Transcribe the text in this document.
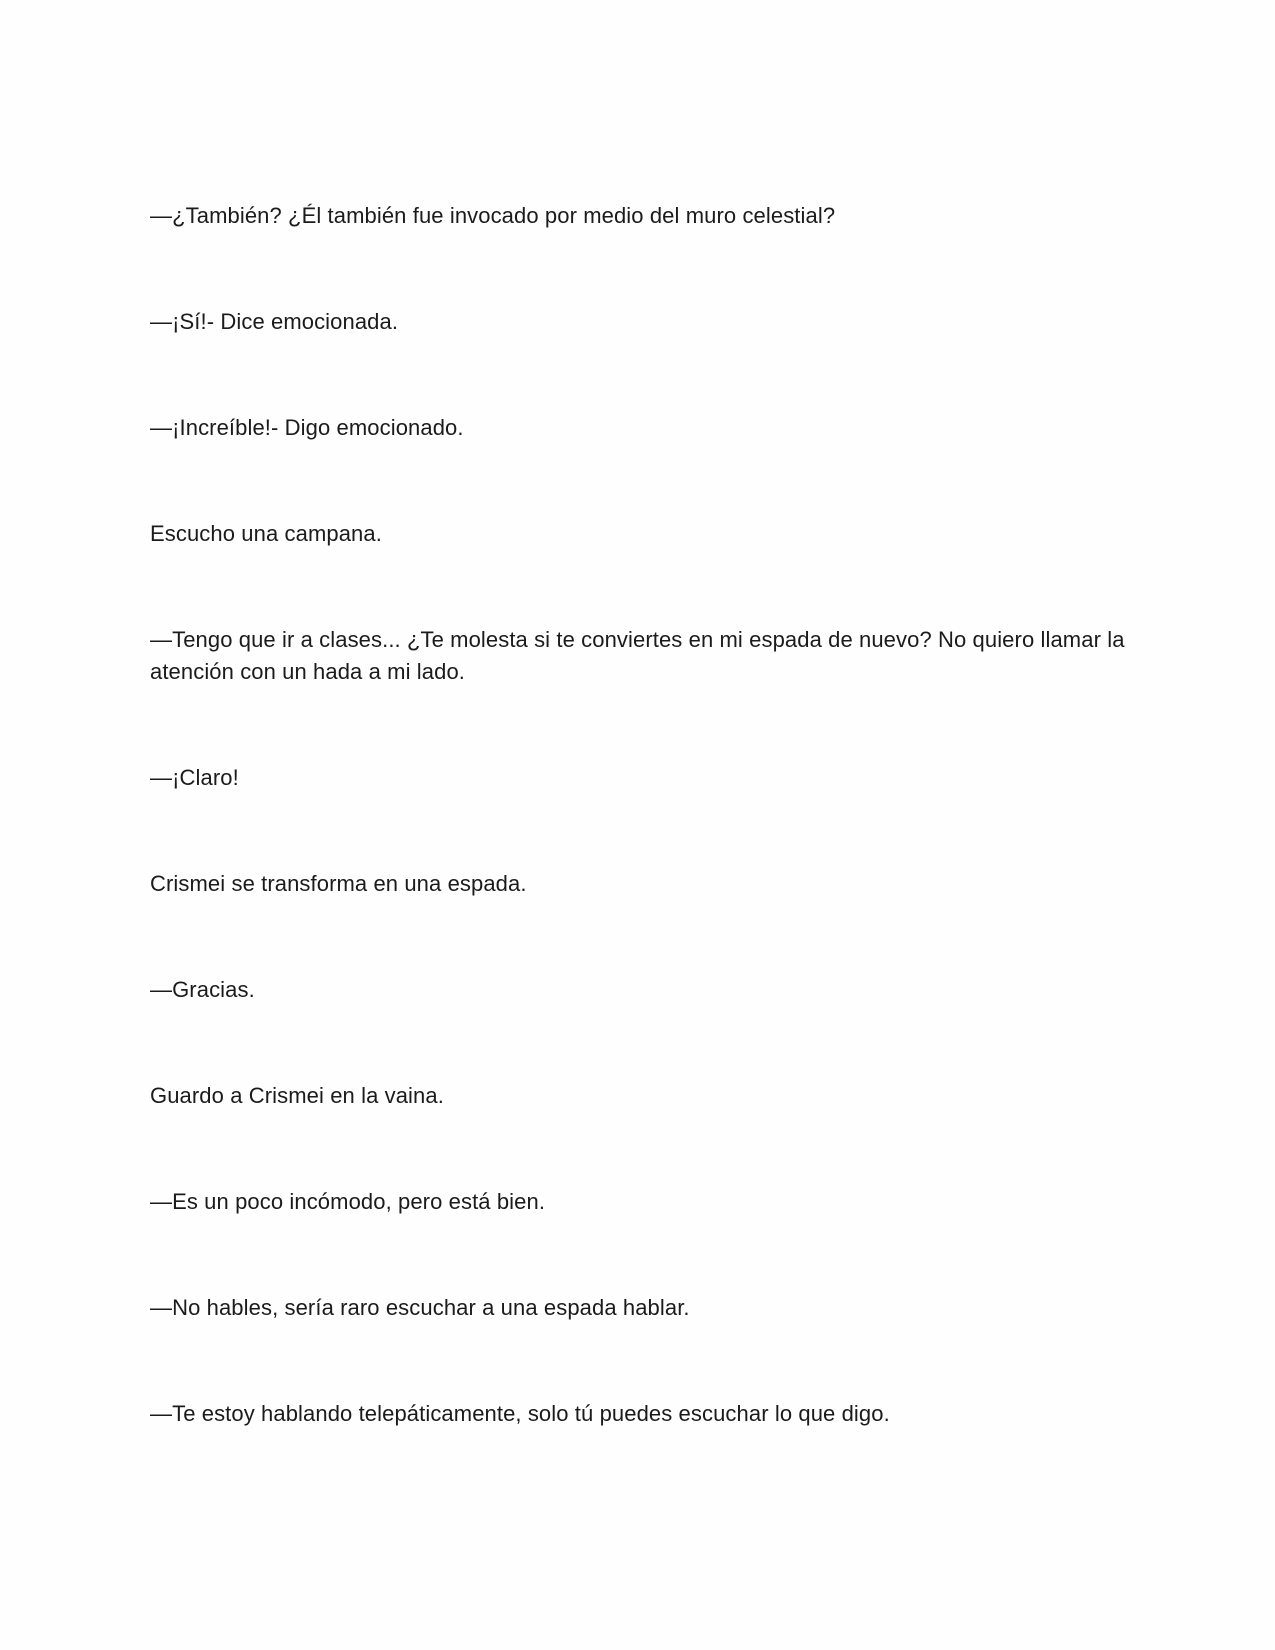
—¿También? ¿Él también fue invocado por medio del muro celestial?

—¡Sí!- Dice emocionada.

—¡Increíble!- Digo emocionado.

Escucho una campana.

—Tengo que ir a clases... ¿Te molesta si te conviertes en mi espada de nuevo? No quiero llamar la atención con un hada a mi lado.

—¡Claro!

Crismei se transforma en una espada.

—Gracias.

Guardo a Crismei en la vaina.

—Es un poco incómodo, pero está bien.

—No hables, sería raro escuchar a una espada hablar.

—Te estoy hablando telepáticamente, solo tú puedes escuchar lo que digo.
